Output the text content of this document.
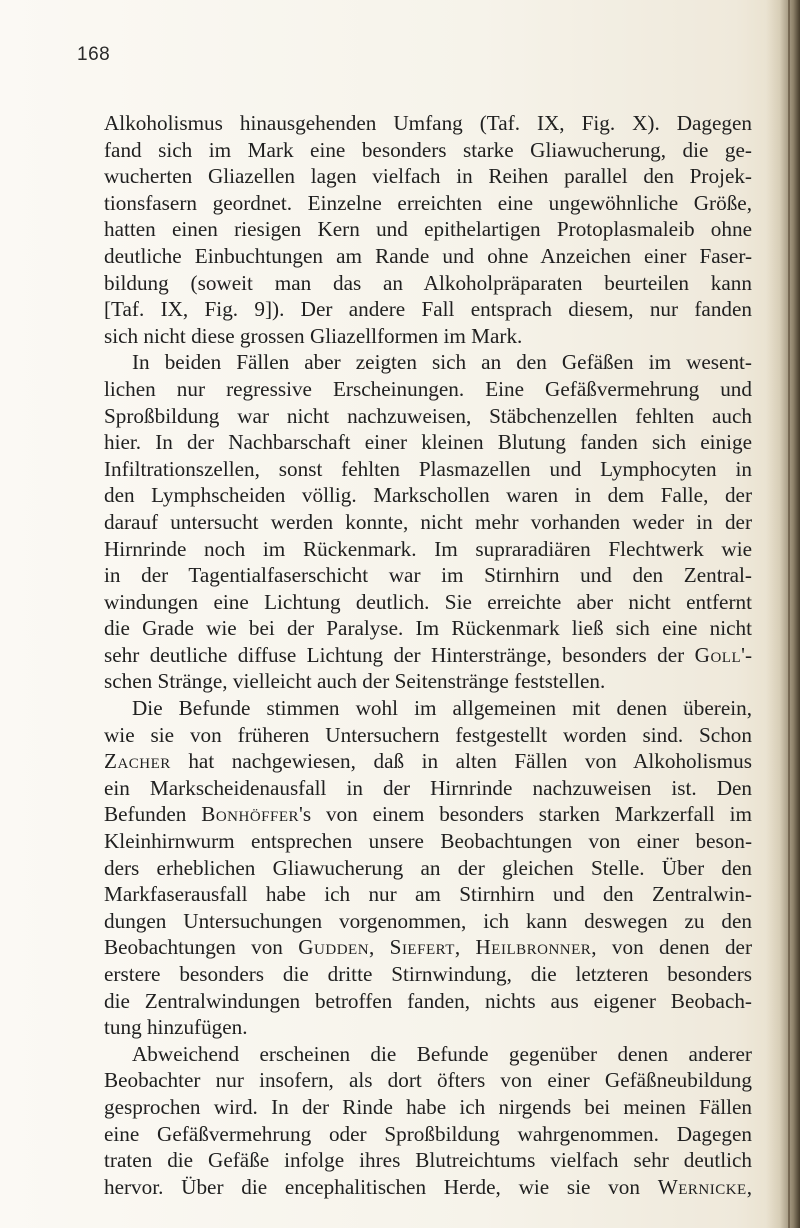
168
Alkoholismus hinausgehenden Umfang (Taf. IX, Fig. X). Dagegen
fand sich im Mark eine besonders starke Gliawucherung, die ge-
wucherten Gliazellen lagen vielfach in Reihen parallel den Projek-
tionsfasern geordnet. Einzelne erreichten eine ungewöhnliche Größe,
hatten einen riesigen Kern und epithelartigen Protoplasmaleib ohne
deutliche Einbuchtungen am Rande und ohne Anzeichen einer Faser-
bildung (soweit man das an Alkoholpräparaten beurteilen kann
[Taf. IX, Fig. 9]). Der andere Fall entsprach diesem, nur fanden
sich nicht diese grossen Gliazellformen im Mark.
In beiden Fällen aber zeigten sich an den Gefäßen im wesent-
lichen nur regressive Erscheinungen. Eine Gefäßvermehrung und
Sproßbildung war nicht nachzuweisen, Stäbchenzellen fehlten auch
hier. In der Nachbarschaft einer kleinen Blutung fanden sich einige
Infiltrationszellen, sonst fehlten Plasmazellen und Lymphocyten in
den Lymphscheiden völlig. Markschollen waren in dem Falle, der
darauf untersucht werden konnte, nicht mehr vorhanden weder in der
Hirnrinde noch im Rückenmark. Im supraradiären Flechtwerk wie
in der Tagentialfaserschicht war im Stirnhirn und den Zentral-
windungen eine Lichtung deutlich. Sie erreichte aber nicht entfernt
die Grade wie bei der Paralyse. Im Rückenmark ließ sich eine nicht
sehr deutliche diffuse Lichtung der Hinterstränge, besonders der Goll'-
schen Stränge, vielleicht auch der Seitenstränge feststellen.
Die Befunde stimmen wohl im allgemeinen mit denen überein,
wie sie von früheren Untersuchern festgestellt worden sind. Schon
Zacher hat nachgewiesen, daß in alten Fällen von Alkoholismus
ein Markscheidenausfall in der Hirnrinde nachzuweisen ist. Den
Befunden Bonhöffer's von einem besonders starken Markzerfall im
Kleinhirnwurm entsprechen unsere Beobachtungen von einer beson-
ders erheblichen Gliawucherung an der gleichen Stelle. Über den
Markfaserausfall habe ich nur am Stirnhirn und den Zentralwin-
dungen Untersuchungen vorgenommen, ich kann deswegen zu den
Beobachtungen von Gudden, Siefert, Heilbronner, von denen der
erstere besonders die dritte Stirnwindung, die letzteren besonders
die Zentralwindungen betroffen fanden, nichts aus eigener Beobach-
tung hinzufügen.
Abweichend erscheinen die Befunde gegenüber denen anderer
Beobachter nur insofern, als dort öfters von einer Gefäßneubildung
gesprochen wird. In der Rinde habe ich nirgends bei meinen Fällen
eine Gefäßvermehrung oder Sproßbildung wahrgenommen. Dagegen
traten die Gefäße infolge ihres Blutreichtums vielfach sehr deutlich
hervor. Über die encephalitischen Herde, wie sie von Wernicke,
